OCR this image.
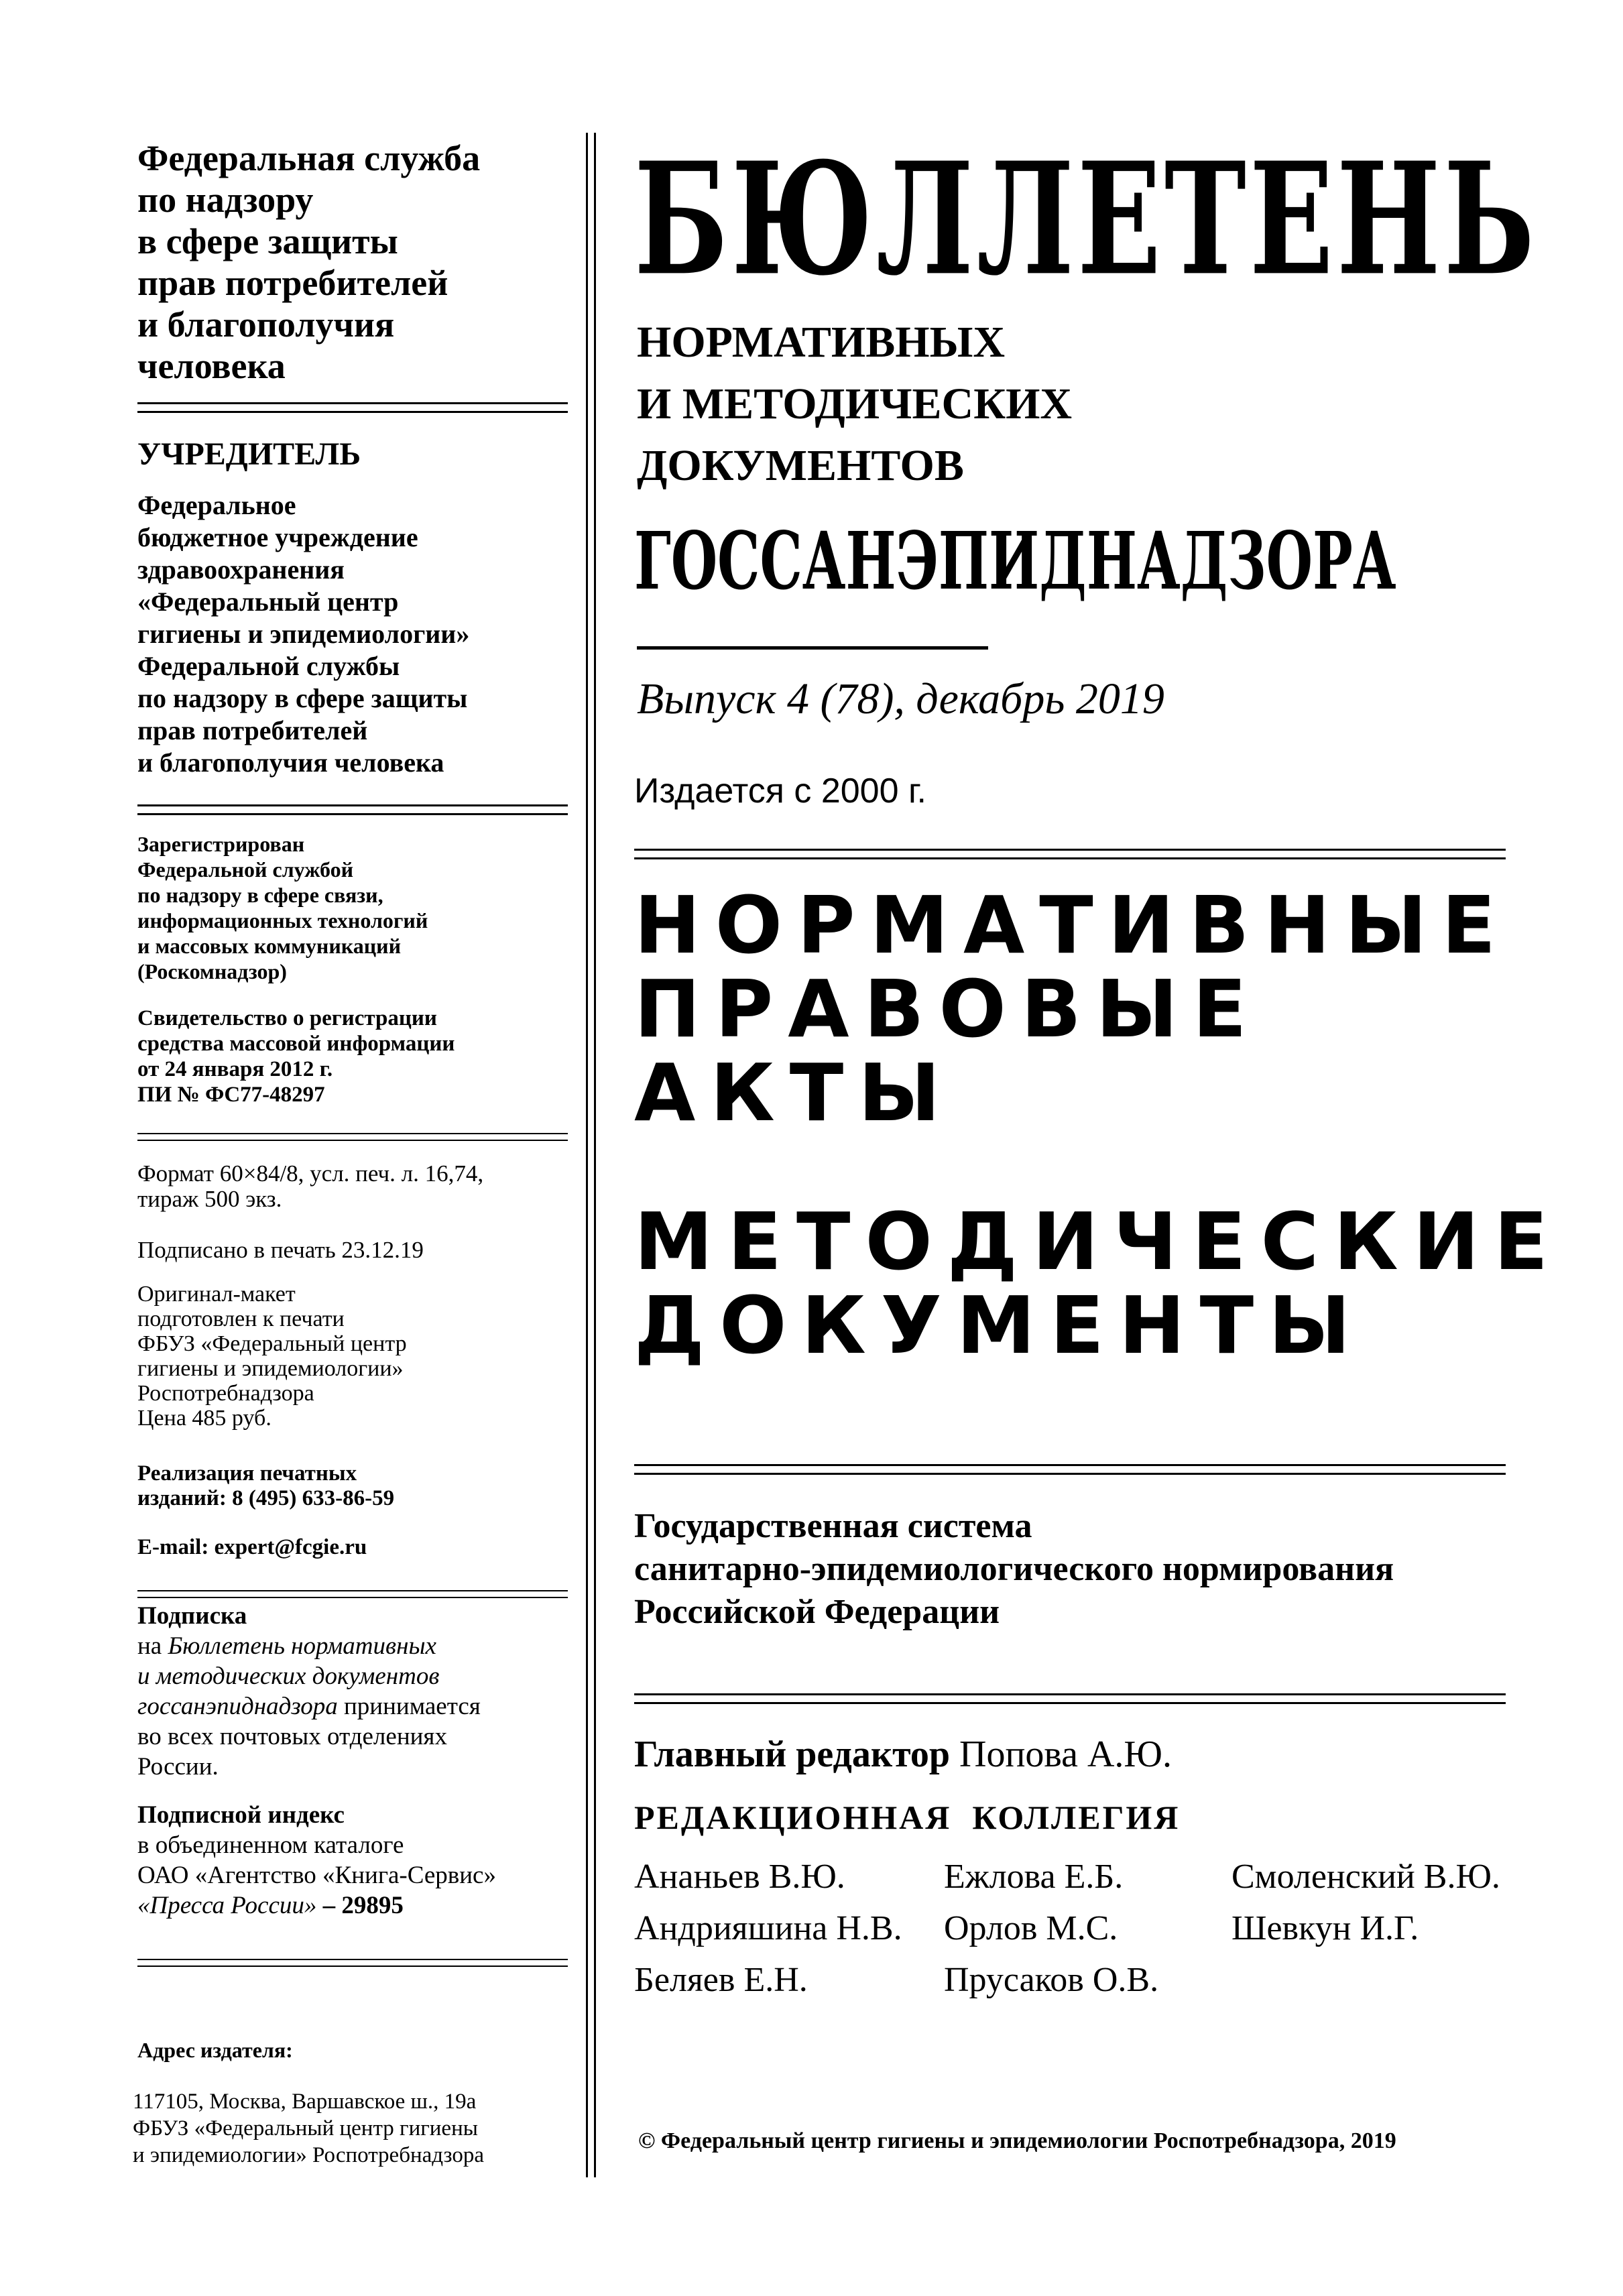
Федеральная служба
по надзору
в сфере защиты
прав потребителей
и благополучия
человека
УЧРЕДИТЕЛЬ
Федеральное
бюджетное учреждение
здравоохранения
«Федеральный центр
гигиены и эпидемиологии»
Федеральной службы
по надзору в сфере защиты
прав потребителей
и благополучия человека
Зарегистрирован
Федеральной службой
по надзору в сфере связи,
информационных технологий
и массовых коммуникаций
(Роскомнадзор)
Свидетельство о регистрации
средства массовой информации
от 24 января 2012 г.
ПИ № ФС77-48297
Формат 60×84/8, усл. печ. л. 16,74,
тираж 500 экз.
Подписано в печать 23.12.19
Оригинал-макет
подготовлен к печати
ФБУЗ «Федеральный центр
гигиены и эпидемиологии»
Роспотребнадзора
Цена 485 руб.
Реализация печатных
изданий: 8 (495) 633-86-59
E-mail: expert@fcgie.ru
Подписка
на Бюллетень нормативных
и методических документов
госсанэпиднадзора принимается
во всех почтовых отделениях
России.
Подписной индекс
в объединенном каталоге
ОАО «Агентство «Книга-Сервис»
«Пресса России» – 29895
Адрес издателя:
117105, Москва, Варшавское ш., 19а
ФБУЗ «Федеральный центр гигиены
и эпидемиологии» Роспотребнадзора
БЮЛЛЕТЕНЬ
НОРМАТИВНЫХ
И МЕТОДИЧЕСКИХ
ДОКУМЕНТОВ
ГОССАНЭПИДНАДЗОРА
Выпуск 4 (78), декабрь 2019
Издается с 2000 г.
НОРМАТИВНЫЕ
ПРАВОВЫЕ
АКТЫ
МЕТОДИЧЕСКИЕ
ДОКУМЕНТЫ
Государственная система
санитарно-эпидемиологического нормирования
Российской Федерации
Главный редактор Попова А.Ю.
РЕДАКЦИОННАЯ  КОЛЛЕГИЯ
Ананьев В.Ю.	Ежлова Е.Б.	Смоленский В.Ю.
Андрияшина Н.В.	Орлов М.С.	Шевкун И.Г.
Беляев Е.Н.	Прусаков О.В.
© Федеральный центр гигиены и эпидемиологии Роспотребнадзора, 2019
